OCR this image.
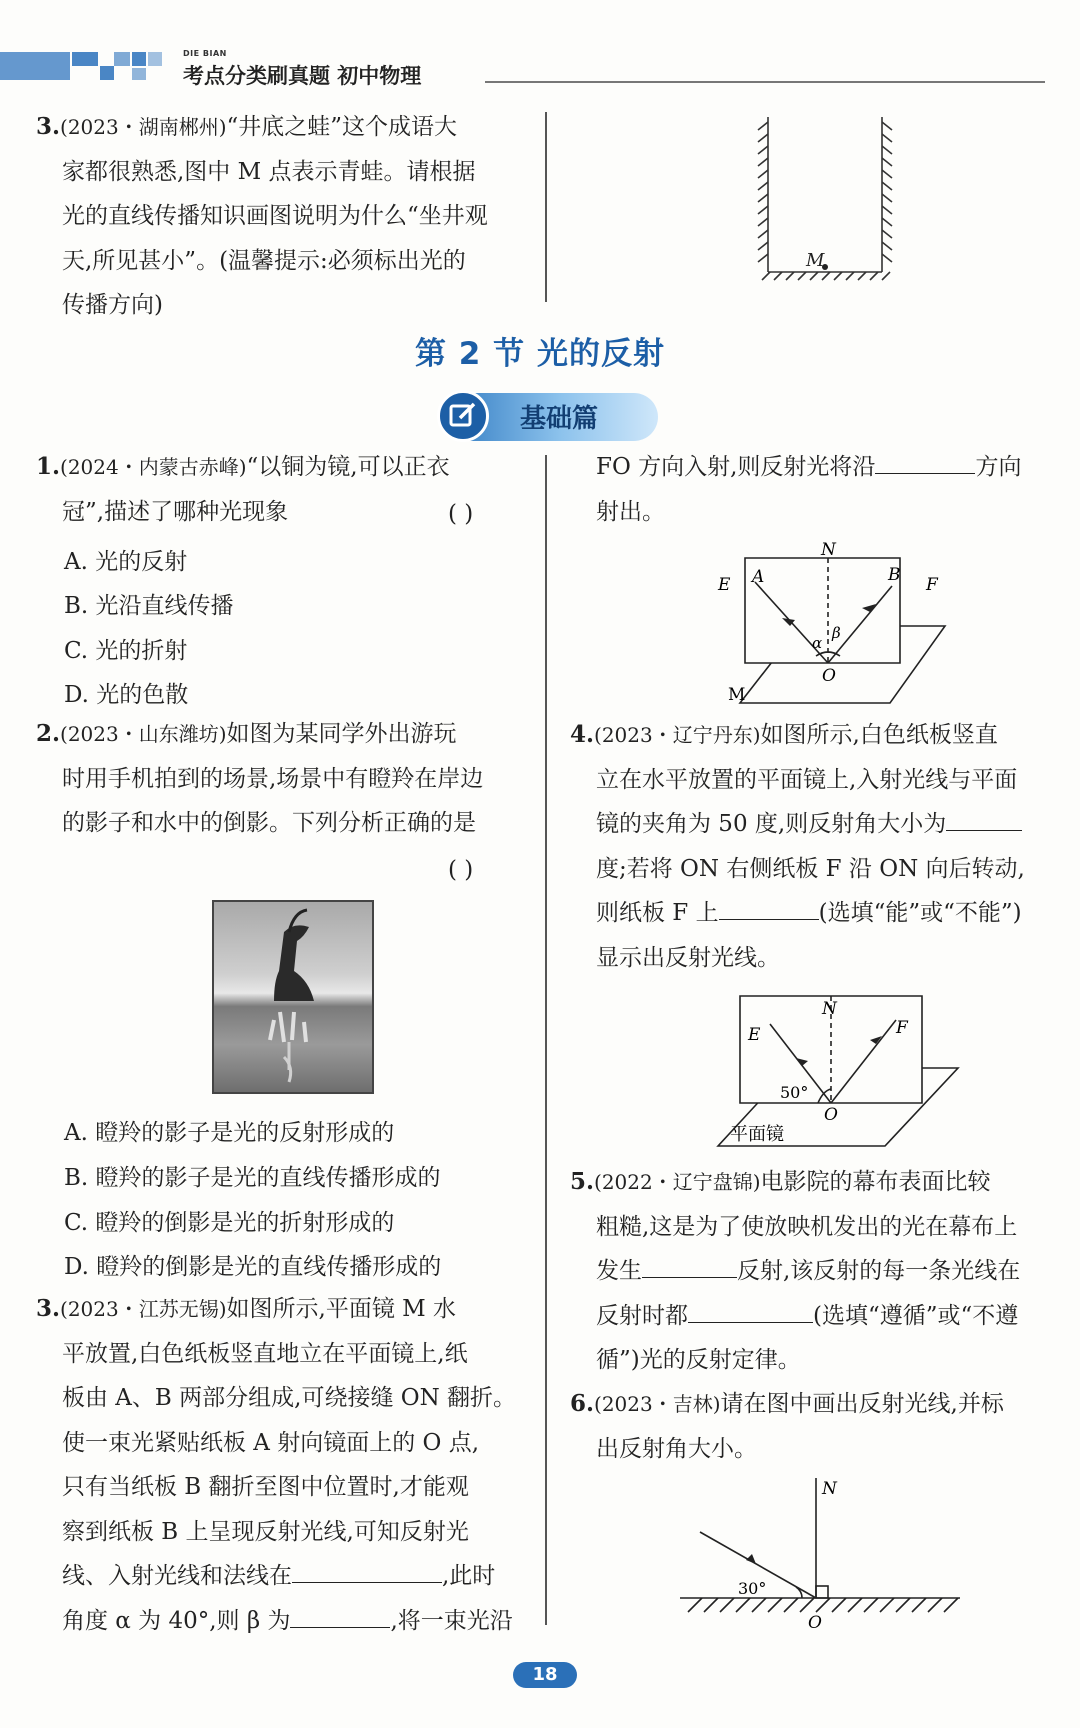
DIE BIAN
考点分类刷真题 初中物理

3.(2023・湖南郴州)“井底之蛙”这个成语大

家都很熟悉,图中 M 点表示青蛙。请根据

光的直线传播知识画图说明为什么“坐井观

天,所见甚小”。(温馨提示:必须标出光的

传播方向)

M
第 2 节 光的反射
基础篇

1.(2024・内蒙古赤峰)“以铜为镜,可以正衣

冠”,描述了哪种光现象	( )
A. 光的反射
B. 光沿直线传播
C. 光的折射
D. 光的色散

2.(2023・山东潍坊)如图为某同学外出游玩

时用手机拍到的场景,场景中有瞪羚在岸边

的影子和水中的倒影。下列分析正确的是

( )
A. 瞪羚的影子是光的反射形成的
B. 瞪羚的影子是光的直线传播形成的
C. 瞪羚的倒影是光的折射形成的
D. 瞪羚的倒影是光的直线传播形成的

3.(2023・江苏无锡)如图所示,平面镜 M 水

平放置,白色纸板竖直地立在平面镜上,纸

板由 A、B 两部分组成,可绕接缝 ON 翻折。

使一束光紧贴纸板 A 射向镜面上的 O 点,

只有当纸板 B 翻折至图中位置时,才能观

察到纸板 B 上呈现反射光线,可知反射光

线、入射光线和法线在	,此时

角度 α 为 40°,则 β 为	,将一束光沿

FO 方向入射,则反射光将沿	方向

射出。

N
E A	B F
α
β
O
M

4.(2023・辽宁丹东)如图所示,白色纸板竖直

立在水平放置的平面镜上,入射光线与平面

镜的夹角为 50 度,则反射角大小为

度;若将 ON 右侧纸板 F 沿 ON 向后转动,

则纸板 F 上	(选填“能”或“不能”)

显示出反射光线。

N
E	F
50°
O
平面镜

5.(2022・辽宁盘锦)电影院的幕布表面比较

粗糙,这是为了使放映机发出的光在幕布上

发生	反射,该反射的每一条光线在

反射时都	(选填“遵循”或“不遵

循”)光的反射定律。

6.(2023・吉林)请在图中画出反射光线,并标

出反射角大小。

N
30°
O
18
